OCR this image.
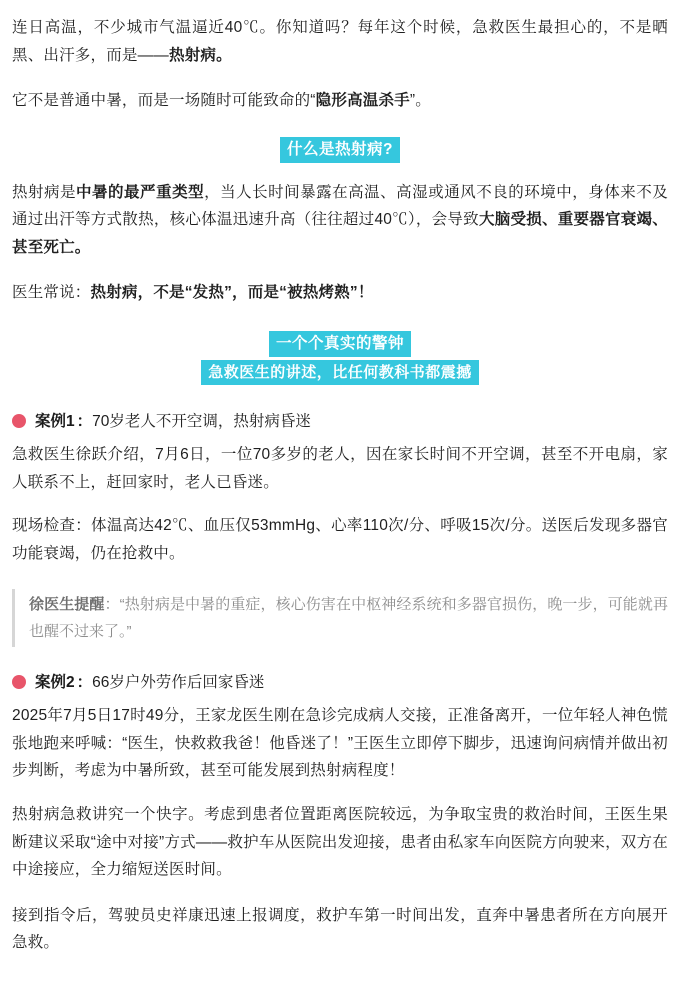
连日高温，不少城市气温逼近40℃。你知道吗？每年这个时候，急救医生最担心的，不是晒黑、出汗多，而是——热射病。

它不是普通中暑，而是一场随时可能致命的“隐形高温杀手”。

什么是热射病?

热射病是中暑的最严重类型，当人长时间暴露在高温、高湿或通风不良的环境中，身体来不及通过出汗等方式散热，核心体温迅速升高（往往超过40℃），会导致大脑受损、重要器官衰竭、甚至死亡。

医生常说：热射病，不是“发热”，而是“被热烤熟”！

一个个真实的警钟
急救医生的讲述，比任何教科书都震撼
案例1 ：70岁老人不开空调，热射病昏迷

急救医生徐跃介绍，7月6日，一位70多岁的老人，因在家长时间不开空调，甚至不开电扇，家人联系不上，赶回家时，老人已昏迷。

现场检查：体温高达42℃、血压仅53mmHg、心率110次/分、呼吸15次/分。送医后发现多器官功能衰竭，仍在抢救中。

徐医生提醒：“热射病是中暑的重症，核心伤害在中枢神经系统和多器官损伤，晚一步，可能就再也醒不过来了。”
案例2 ：66岁户外劳作后回家昏迷

2025年7月5日17时49分，王家龙医生刚在急诊完成病人交接，正准备离开，一位年轻人神色慌张地跑来呼喊：“医生，快救救我爸！他昏迷了！”王医生立即停下脚步，迅速询问病情并做出初步判断，考虑为中暑所致，甚至可能发展到热射病程度！

热射病急救讲究一个快字。考虑到患者位置距离医院较远，为争取宝贵的救治时间，王医生果断建议采取“途中对接”方式——救护车从医院出发迎接，患者由私家车向医院方向驶来，双方在中途接应，全力缩短送医时间。

接到指令后，驾驶员史祥康迅速上报调度，救护车第一时间出发，直奔中暑患者所在方向展开急救。
